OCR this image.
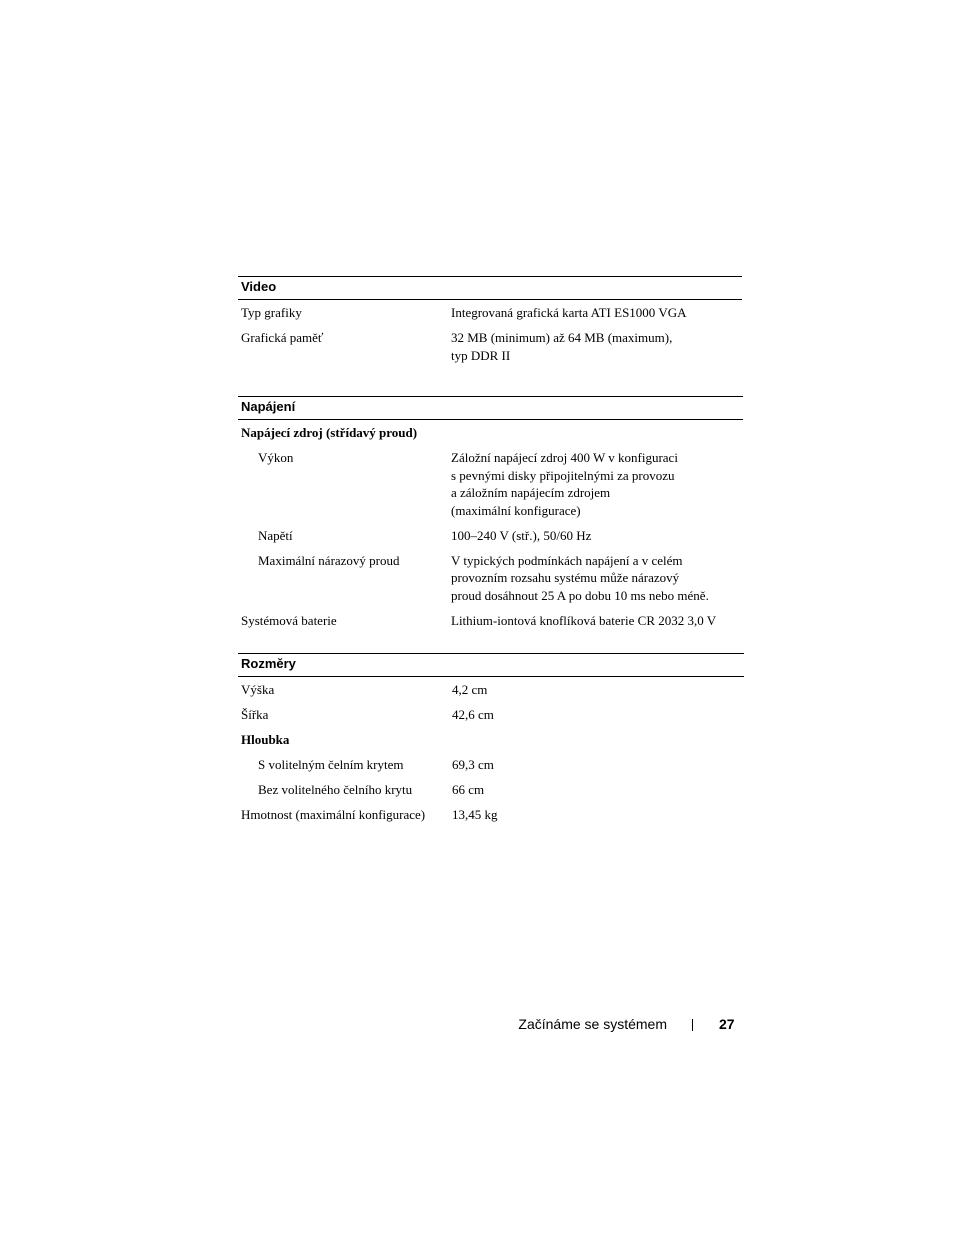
Video
Typ grafiky	Integrovaná grafická karta ATI ES1000 VGA
Grafická paměť	32 MB (minimum) až 64 MB (maximum),
typ DDR II
Napájení
Napájecí zdroj (střídavý proud)

Výkon	Záložní napájecí zdroj 400 W v konfiguraci
s pevnými disky připojitelnými za provozu
a záložním napájecím zdrojem
(maximální konfigurace)
Napětí	100–240 V (stř.), 50/60 Hz
Maximální nárazový proud	V typických podmínkách napájení a v celém
provozním rozsahu systému může nárazový
proud dosáhnout 25 A po dobu 10 ms nebo méně.
Systémová baterie	Lithium-iontová knoflíková baterie CR 2032 3,0 V
Rozměry
Výška	4,2 cm
Šířka	42,6 cm
Hloubka

S volitelným čelním krytem	69,3 cm
Bez volitelného čelního krytu	66 cm
Hmotnost (maximální konfigurace) 13,45 kg
Začínáme se systémem	27
